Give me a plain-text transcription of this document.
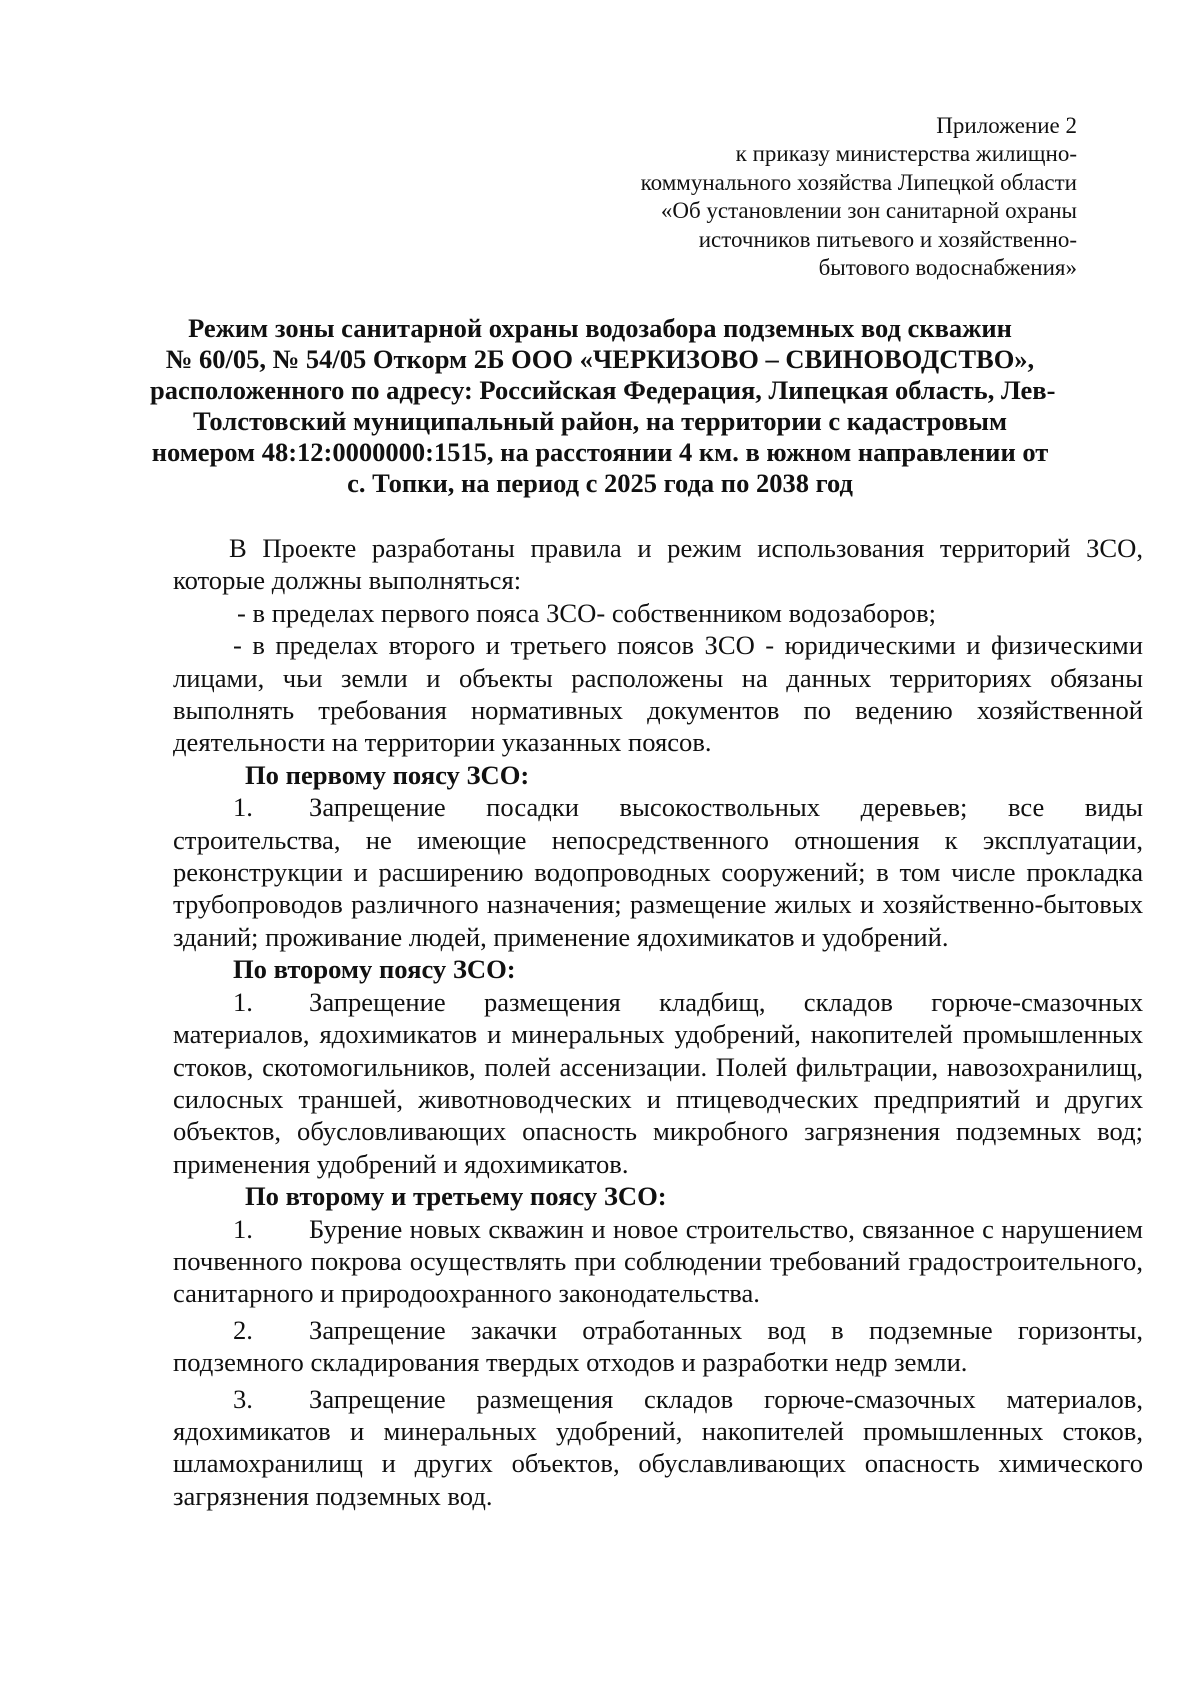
Приложение 2
к приказу министерства жилищно-
коммунального хозяйства Липецкой области
«Об установлении зон санитарной охраны
источников питьевого и хозяйственно-
бытового водоснабжения»
Режим зоны санитарной охраны водозабора подземных вод скважин
№ 60/05, № 54/05 Откорм 2Б ООО «ЧЕРКИЗОВО – СВИНОВОДСТВО»,
расположенного по адресу: Российская Федерация, Липецкая область, Лев-
Толстовский муниципальный район, на территории с кадастровым
номером 48:12:0000000:1515, на расстоянии 4 км. в южном направлении от
с. Топки, на период с 2025 года по 2038 год

В Проекте разработаны правила и режим использования территорий ЗСО, которые должны выполняться:

- в пределах первого пояса ЗСО- собственником водозаборов;

- в пределах второго и третьего поясов ЗСО - юридическими и физическими лицами, чьи земли и объекты расположены на данных территориях обязаны выполнять требования нормативных документов по ведению хозяйственной деятельности на территории указанных поясов.

По первому поясу ЗСО:

1. Запрещение посадки высокоствольных деревьев; все виды строительства, не имеющие непосредственного отношения к эксплуатации, реконструкции и расширению водопроводных сооружений; в том числе прокладка трубопроводов различного назначения; размещение жилых и хозяйственно-бытовых зданий; проживание людей, применение ядохимикатов и удобрений.

По второму поясу ЗСО:

1. Запрещение размещения кладбищ, складов горюче-смазочных материалов, ядохимикатов и минеральных удобрений, накопителей промышленных стоков, скотомогильников, полей ассенизации. Полей фильтрации, навозохранилищ, силосных траншей, животноводческих и птицеводческих предприятий и других объектов, обусловливающих опасность микробного загрязнения подземных вод; применения удобрений и ядохимикатов.

По второму и третьему поясу ЗСО:

1. Бурение новых скважин и новое строительство, связанное с нарушением почвенного покрова осуществлять при соблюдении требований градостроительного, санитарного и природоохранного законодательства.

2. Запрещение закачки отработанных вод в подземные горизонты, подземного складирования твердых отходов и разработки недр земли.

3. Запрещение размещения складов горюче-смазочных материалов, ядохимикатов и минеральных удобрений, накопителей промышленных стоков, шламохранилищ и других объектов, обуславливающих опасность химического загрязнения подземных вод.
